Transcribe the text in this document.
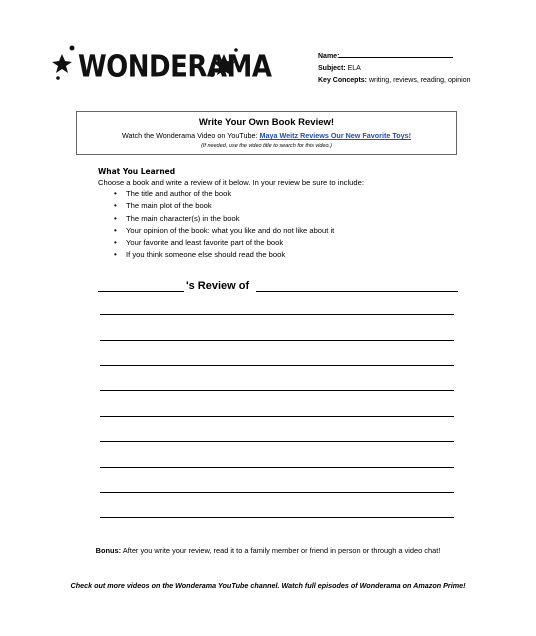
WONDERAMA	Name:
Subject: ELA
Key Concepts: writing, reviews, reading, opinion
Write Your Own Book Review!
Watch the Wonderama Video on YouTube: Maya Weitz Reviews Our New Favorite Toys!
(If needed, use the video title to search for this video.)
What You Learned
Choose a book and write a review of it below. In your review be sure to include:
• The title and author of the book
• The main plot of the book
• The main character(s) in the book
• Your opinion of the book: what you like and do not like about it
• Your favorite and least favorite part of the book
• If you think someone else should read the book
's Review of
Bonus: After you write your review, read it to a family member or friend in person or through a video chat!
Check out more videos on the Wonderama YouTube channel. Watch full episodes of Wonderama on Amazon Prime!
